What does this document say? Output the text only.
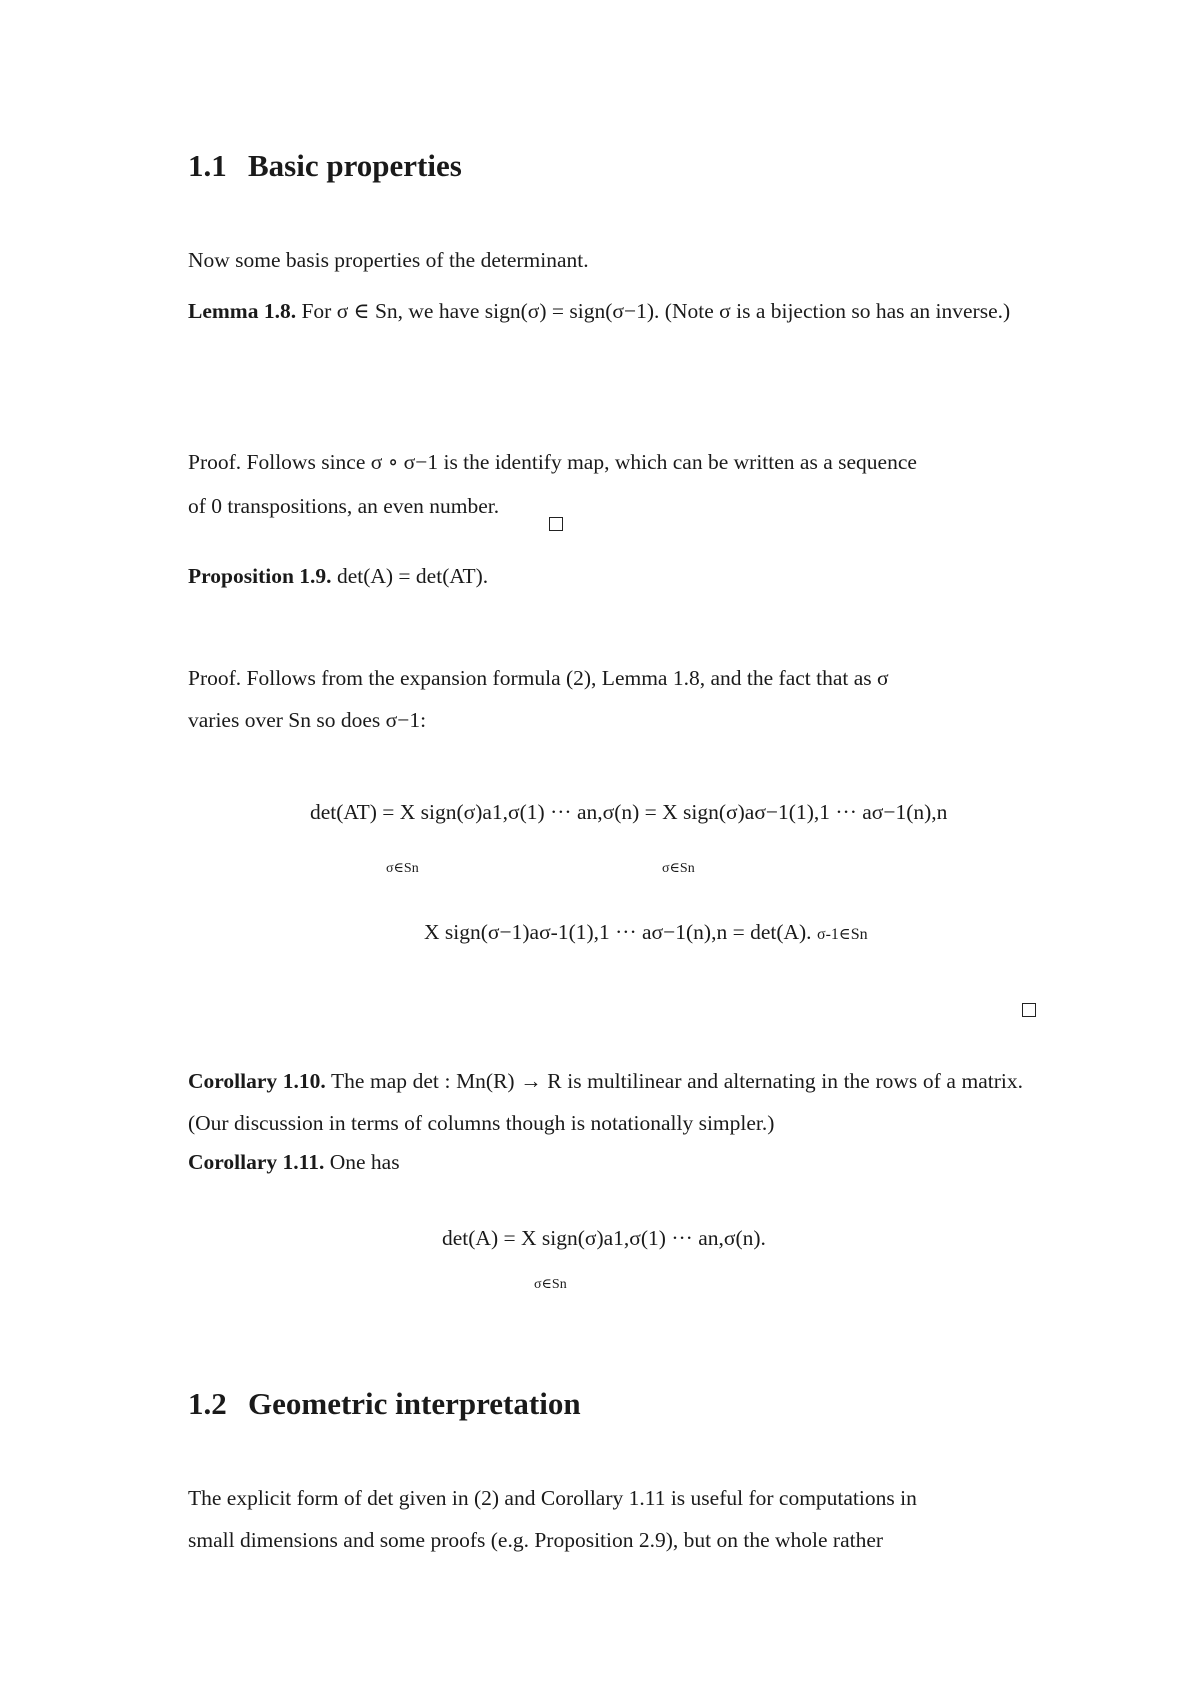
1.1 Basic properties
Now some basis properties of the determinant.
Lemma 1.8. For σ ∈ Sn, we have sign(σ) = sign(σ−1). (Note σ is a bijection so has an inverse.)
Proof. Follows since σ ∘ σ−1 is the identify map, which can be written as a sequence
of 0 transpositions, an even number.
Proposition 1.9. det(A) = det(AT).
Proof. Follows from the expansion formula (2), Lemma 1.8, and the fact that as σ
varies over Sn so does σ−1:
det(AT) = X sign(σ)a1,σ(1) ··· an,σ(n) = X sign(σ)aσ−1(1),1 ··· aσ−1(n),n
σ∈Sn	σ∈Sn
X sign(σ−1)aσ-1(1),1 ··· aσ−1(n),n = det(A). σ-1∈Sn
Corollary 1.10. The map det : Mn(R) → R is multilinear and alternating in the rows of a matrix. (Our discussion in terms of columns though is notationally simpler.)
Corollary 1.11. One has
det(A) = X sign(σ)a1,σ(1) ··· an,σ(n).
σ∈Sn
1.2 Geometric interpretation
The explicit form of det given in (2) and Corollary 1.11 is useful for computations in
small dimensions and some proofs (e.g. Proposition 2.9), but on the whole rather
